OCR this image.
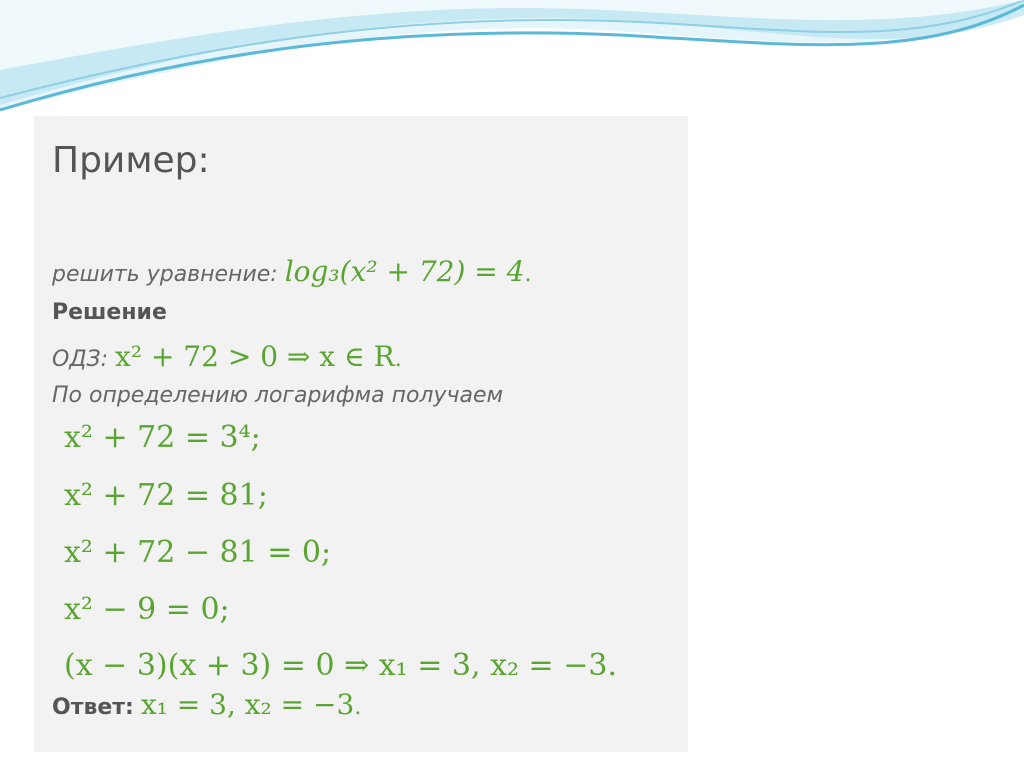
Пример:
решить уравнение: log₃(x² + 72) = 4.
Решение
ОДЗ: x² + 72 > 0 ⇒ x ∈ R.
По определению логарифма получаем
x² + 72 = 3⁴;
x² + 72 = 81;
x² + 72 − 81 = 0;
x² − 9 = 0;
(x − 3)(x + 3) = 0 ⇒ x₁ = 3, x₂ = −3.
Ответ: x₁ = 3, x₂ = −3.
